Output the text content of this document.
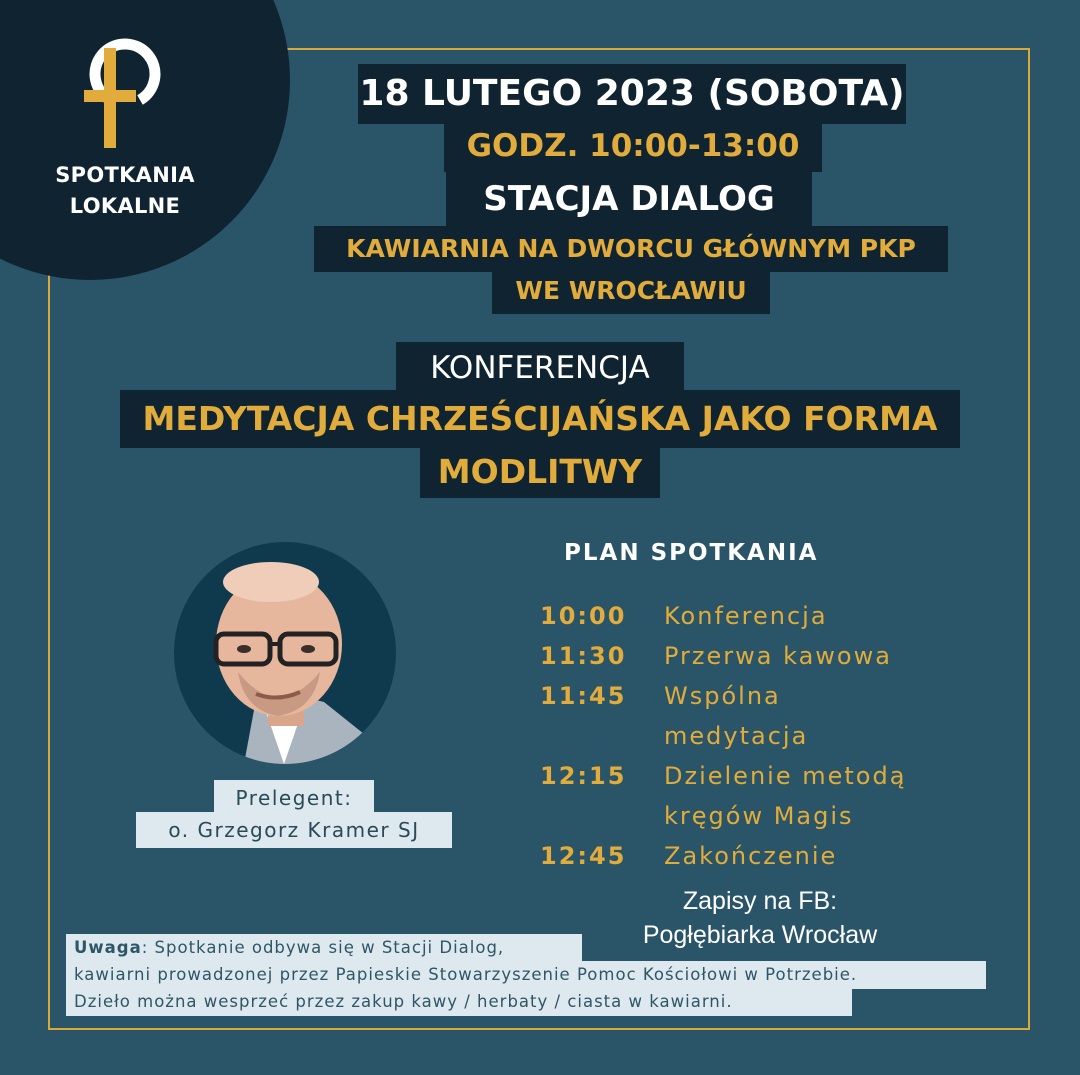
SPOTKANIA
LOKALNE
18 LUTEGO 2023 (SOBOTA)
GODZ. 10:00-13:00
STACJA DIALOG
KAWIARNIA NA DWORCU GŁÓWNYM PKP
WE WROCŁAWIU
KONFERENCJA
MEDYTACJA CHRZEŚCIJAŃSKA JAKO FORMA
MODLITWY
Prelegent:
o. Grzegorz Kramer SJ
PLAN SPOTKANIA
10:00 Konferencja
11:30 Przerwa kawowa
11:45 Wspólna medytacja
12:15 Dzielenie metodą kręgów Magis
12:45 Zakończenie
Zapisy na FB:
Pogłębiarka Wrocław
Uwaga: Spotkanie odbywa się w Stacji Dialog,
kawiarni prowadzonej przez Papieskie Stowarzyszenie Pomoc Kościołowi w Potrzebie.
Dzieło można wesprzeć przez zakup kawy / herbaty / ciasta w kawiarni.
